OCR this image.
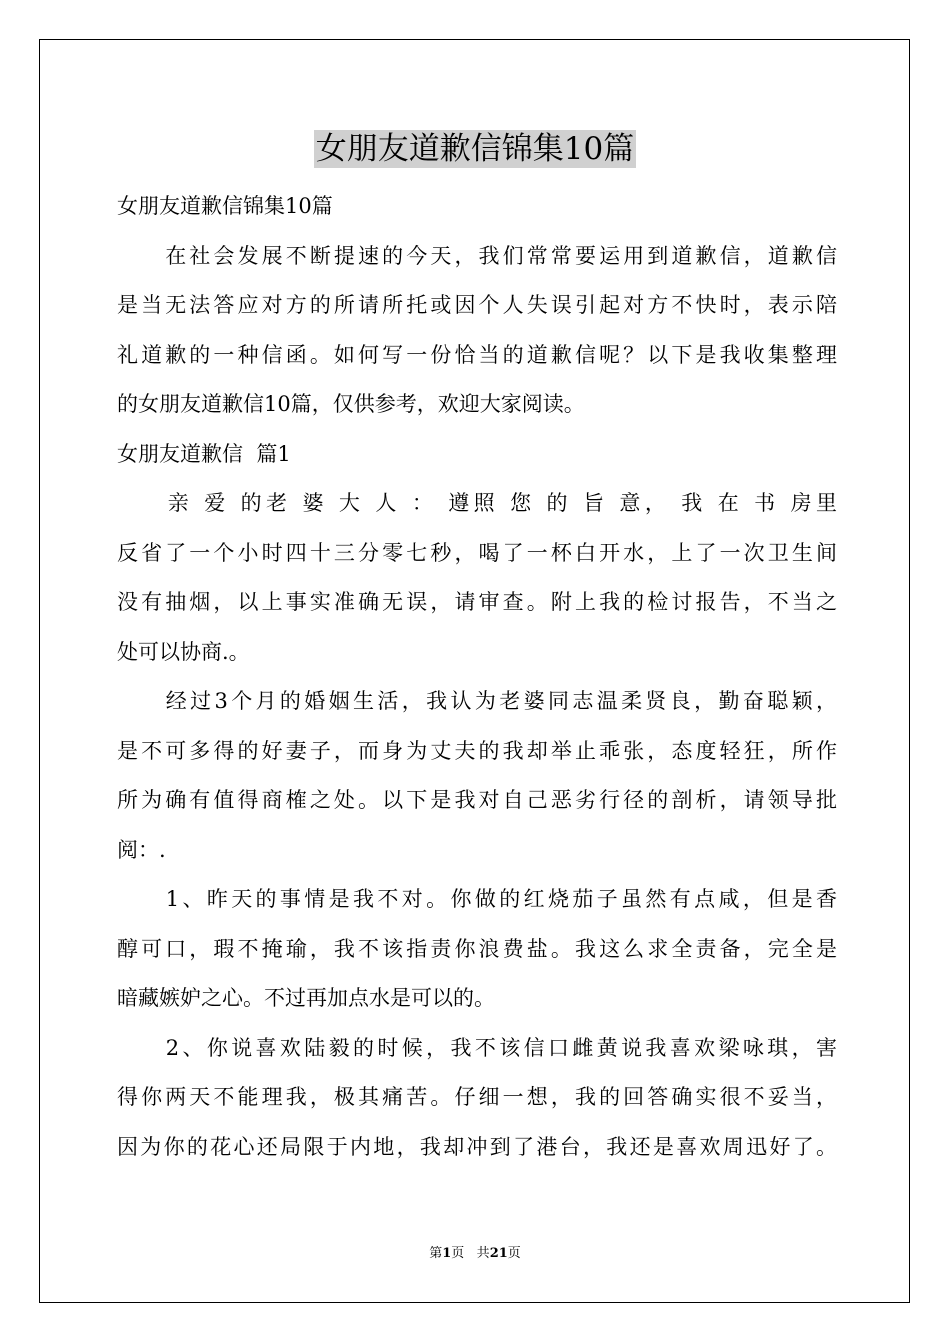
女朋友道歉信锦集10篇
女朋友道歉信锦集10篇
　　在社会发展不断提速的今天，我们常常要运用到道歉信，道歉信
是当无法答应对方的所请所托或因个人失误引起对方不快时，表示陪
礼道歉的一种信函。如何写一份恰当的道歉信呢？以下是我收集整理
的女朋友道歉信10篇，仅供参考，欢迎大家阅读。
女朋友道歉信  篇1
　　亲 爱 的老 婆 大 人 ： 遵照 您 的 旨 意， 我 在 书 房里
反省了一个小时四十三分零七秒，喝了一杯白开水，上了一次卫生间
没有抽烟，以上事实准确无误，请审查。附上我的检讨报告，不当之
处可以协商.。
　　经过3个月的婚姻生活，我认为老婆同志温柔贤良，勤奋聪颖，
是不可多得的好妻子，而身为丈夫的我却举止乖张，态度轻狂，所作
所为确有值得商榷之处。以下是我对自己恶劣行径的剖析，请领导批
阅：.
　　1、昨天的事情是我不对。你做的红烧茄子虽然有点咸，但是香
醇可口，瑕不掩瑜，我不该指责你浪费盐。我这么求全责备，完全是
暗藏嫉妒之心。不过再加点水是可以的。
　　2、你说喜欢陆毅的时候，我不该信口雌黄说我喜欢梁咏琪，害
得你两天不能理我，极其痛苦。仔细一想，我的回答确实很不妥当，
因为你的花心还局限于内地，我却冲到了港台，我还是喜欢周迅好了。
第1页 共21页
